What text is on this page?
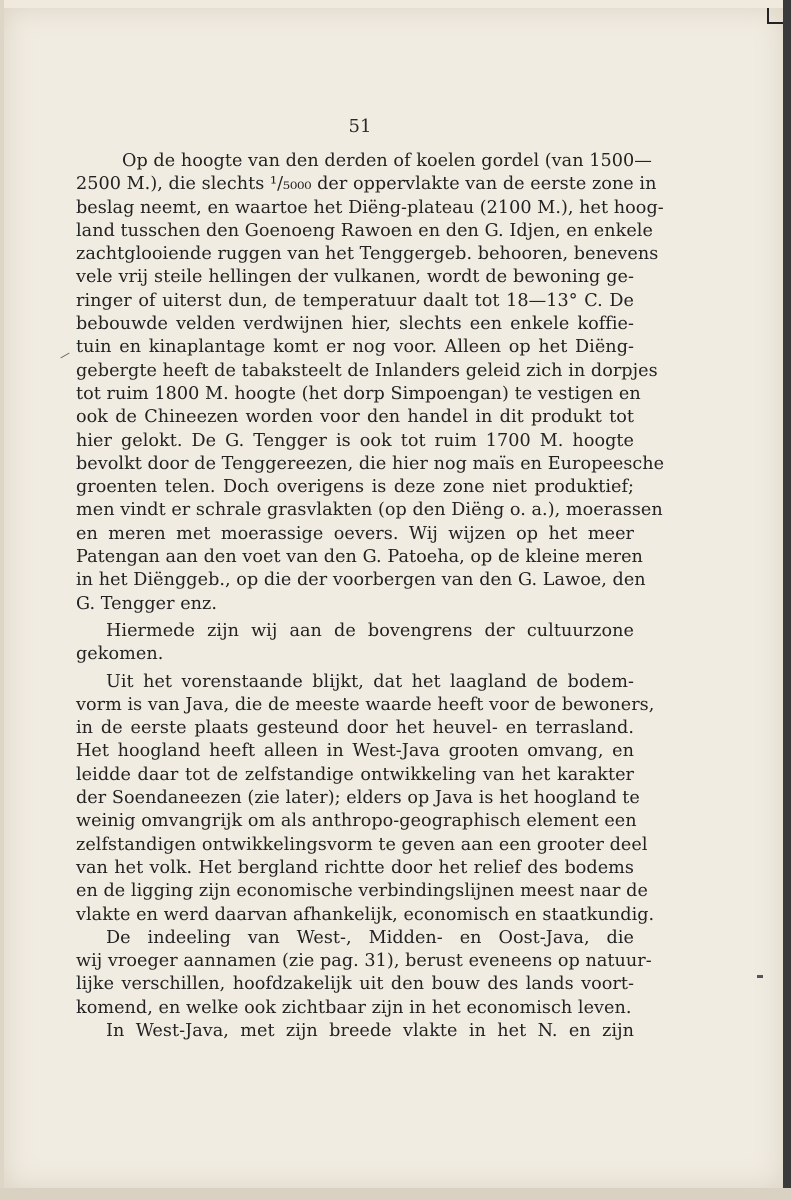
51
Op de hoogte van den derden of koelen gordel (van 1500—
2500 M.), die slechts ¹/₅₀₀₀ der oppervlakte van de eerste zone in
beslag neemt, en waartoe het Diëng-plateau (2100 M.), het hoog-
land tusschen den Goenoeng Rawoen en den G. Idjen, en enkele
zachtglooiende ruggen van het Tenggergeb. behooren, benevens
vele vrij steile hellingen der vulkanen, wordt de bewoning ge-
ringer of uiterst dun, de temperatuur daalt tot 18—13° C. De
bebouwde velden verdwijnen hier, slechts een enkele koffie-
tuin en kinaplantage komt er nog voor. Alleen op het Diëng-
gebergte heeft de tabaksteelt de Inlanders geleid zich in dorpjes
tot ruim 1800 M. hoogte (het dorp Simpoengan) te vestigen en
ook de Chineezen worden voor den handel in dit produkt tot
hier gelokt. De G. Tengger is ook tot ruim 1700 M. hoogte
bevolkt door de Tenggereezen, die hier nog maïs en Europeesche
groenten telen. Doch overigens is deze zone niet produktief;
men vindt er schrale grasvlakten (op den Diëng o. a.), moerassen
en meren met moerassige oevers. Wij wijzen op het meer
Patengan aan den voet van den G. Patoeha, op de kleine meren
in het Diënggeb., op die der voorbergen van den G. Lawoe, den
G. Tengger enz.
Hiermede zijn wij aan de bovengrens der cultuurzone
gekomen.
Uit het vorenstaande blijkt, dat het laagland de bodem-
vorm is van Java, die de meeste waarde heeft voor de bewoners,
in de eerste plaats gesteund door het heuvel- en terrasland.
Het hoogland heeft alleen in West-Java grooten omvang, en
leidde daar tot de zelfstandige ontwikkeling van het karakter
der Soendaneezen (zie later); elders op Java is het hoogland te
weinig omvangrijk om als anthropo-geographisch element een
zelfstandigen ontwikkelingsvorm te geven aan een grooter deel
van het volk. Het bergland richtte door het relief des bodems
en de ligging zijn economische verbindingslijnen meest naar de
vlakte en werd daarvan afhankelijk, economisch en staatkundig.
De indeeling van West-, Midden- en Oost-Java, die
wij vroeger aannamen (zie pag. 31), berust eveneens op natuur-
lijke verschillen, hoofdzakelijk uit den bouw des lands voort-
komend, en welke ook zichtbaar zijn in het economisch leven.
In West-Java, met zijn breede vlakte in het N. en zijn
